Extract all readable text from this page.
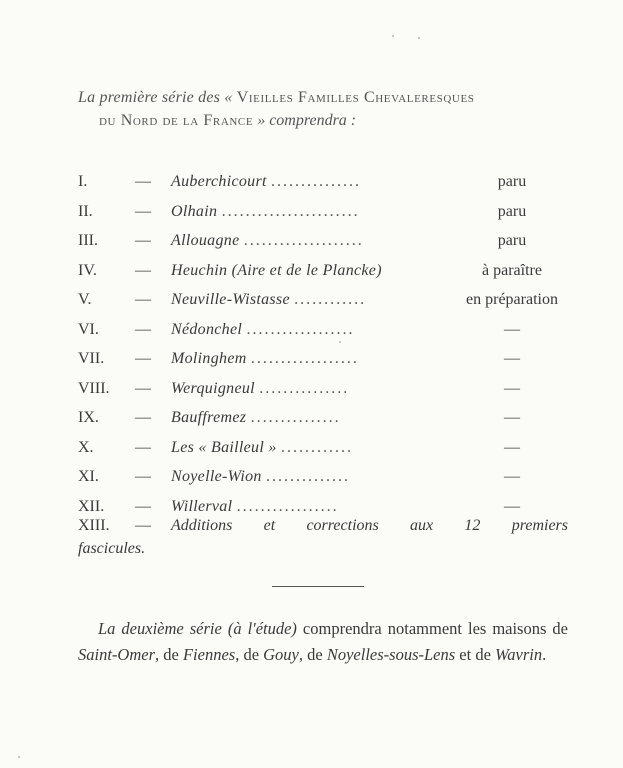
La première série des « Vieilles Familles Chevaleresques
du Nord de la France » comprendra :
I.	— Auberchicourt ...............	paru
II.	— Olhain .......................	paru
III. — Allouagne ....................	paru
IV. — Heuchin (Aire et de le Plancke)	à paraître
V.	— Neuville-Wistasse ............	en préparation
VI. — Nédonchel ..................	—
VII. — Molinghem ..................	—
VIII. — Werquigneul ...............	—
IX. — Bauffremez ...............	—
X.	— Les « Bailleul » ............	—
XI. — Noyelle-Wion ..............	—
XII. — Willerval .................	—
XIII. — Additions et corrections aux 12 premiers
fascicules.
La deuxième série (à l'étude) comprendra notamment les maisons de Saint-Omer, de Fiennes, de Gouy, de Noyelles-sous-Lens et de Wavrin.
